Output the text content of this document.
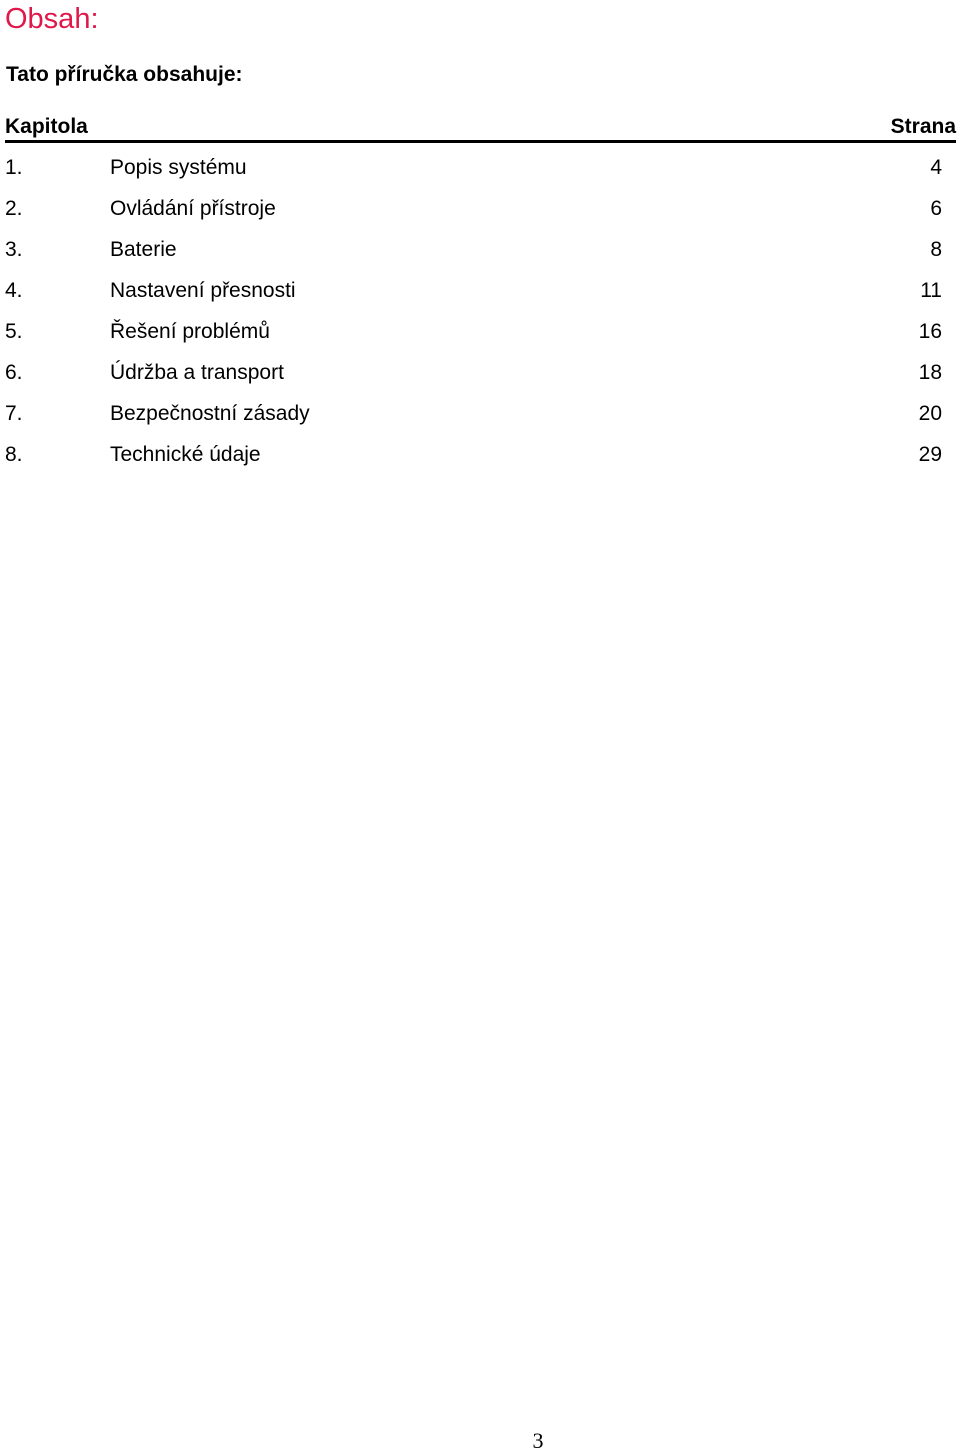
Obsah:

Tato příručka obsahuje:

Kapitola	Strana
1.	Popis systému	4
2.	Ovládání přístroje	6
3.	Baterie	8
4.	Nastavení přesnosti	11
5.	Řešení problémů	16
6.	Údržba a transport	18
7.	Bezpečnostní zásady	20
8.	Technické údaje	29
3
